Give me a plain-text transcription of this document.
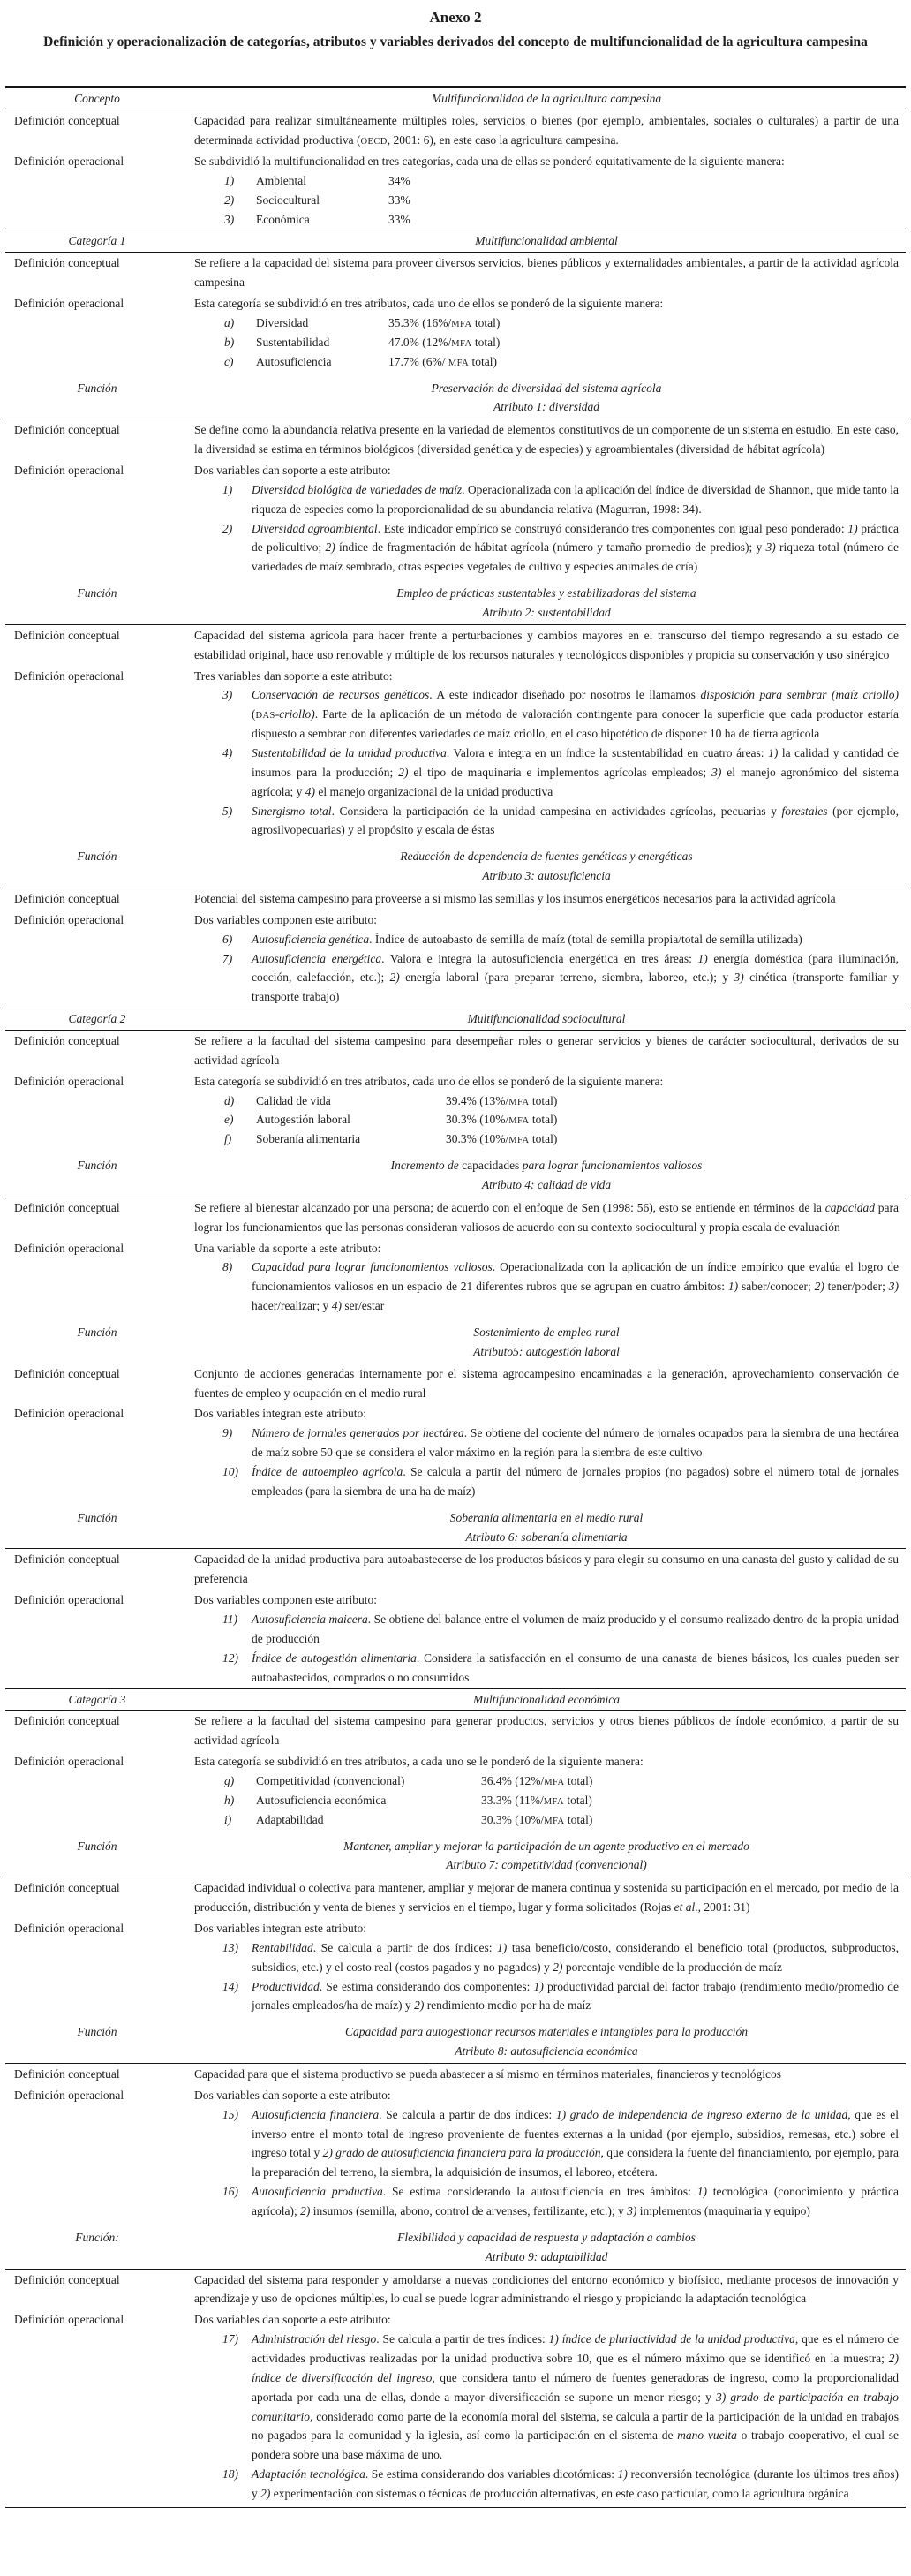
Anexo 2
Definición y operacionalización de categorías, atributos y variables derivados del concepto de multifuncionalidad de la agricultura campesina
Concepto	Multifuncionalidad de la agricultura campesina
Definición conceptual	Capacidad para realizar simultáneamente múltiples roles, servicios o bienes (por ejemplo, ambientales, sociales o culturales) a partir de una determinada actividad productiva (OECD, 2001: 6), en este caso la agricultura campesina.
Definición operacional	Se subdividió la multifuncionalidad en tres categorías, cada una de ellas se ponderó equitativamente de la siguiente manera:
1)	Ambiental	34%
2)	Sociocultural	33%
3)	Económica	33%
Categoría 1	Multifuncionalidad ambiental
Definición conceptual	Se refiere a la capacidad del sistema para proveer diversos servicios, bienes públicos y externalidades ambientales, a partir de la actividad agrícola campesina
Definición operacional	Esta categoría se subdividió en tres atributos, cada uno de ellos se ponderó de la siguiente manera:
a)	Diversidad	35.3% (16%/MFA total)
b)	Sustentabilidad	47.0% (12%/MFA total)
c)	Autosuficiencia	17.7% (6%/ MFA total)
Función	Preservación de diversidad del sistema agrícola
Atributo 1: diversidad
Definición conceptual	Se define como la abundancia relativa presente en la variedad de elementos constitutivos de un componente de un sistema en estudio. En este caso, la diversidad se estima en términos biológicos (diversidad genética y de especies) y agroambientales (diversidad de hábitat agrícola)
Definición operacional	Dos variables dan soporte a este atributo:
1)	Diversidad biológica de variedades de maíz. Operacionalizada con la aplicación del índice de diversidad de Shannon, que mide tanto la riqueza de especies como la proporcionalidad de su abundancia relativa (Magurran, 1998: 34).
2)	Diversidad agroambiental. Este indicador empírico se construyó considerando tres componentes con igual peso ponderado: 1) práctica de policultivo; 2) índice de fragmentación de hábitat agrícola (número y tamaño promedio de predios); y 3) riqueza total (número de variedades de maíz sembrado, otras especies vegetales de cultivo y especies animales de cría)
Función	Empleo de prácticas sustentables y estabilizadoras del sistema
Atributo 2: sustentabilidad
Definición conceptual	Capacidad del sistema agrícola para hacer frente a perturbaciones y cambios mayores en el transcurso del tiempo regresando a su estado de estabilidad original, hace uso renovable y múltiple de los recursos naturales y tecnológicos disponibles y propicia su conservación y uso sinérgico
Definición operacional	Tres variables dan soporte a este atributo:
3)	Conservación de recursos genéticos. A este indicador diseñado por nosotros le llamamos disposición para sembrar (maíz criollo) (DAS-criollo). Parte de la aplicación de un método de valoración contingente para conocer la superficie que cada productor estaría dispuesto a sembrar con diferentes variedades de maíz criollo, en el caso hipotético de disponer 10 ha de tierra agrícola
4)	Sustentabilidad de la unidad productiva. Valora e integra en un índice la sustentabilidad en cuatro áreas: 1) la calidad y cantidad de insumos para la producción; 2) el tipo de maquinaria e implementos agrícolas empleados; 3) el manejo agronómico del sistema agrícola; y 4) el manejo organizacional de la unidad productiva
5)	Sinergismo total. Considera la participación de la unidad campesina en actividades agrícolas, pecuarias y forestales (por ejemplo, agrosilvopecuarias) y el propósito y escala de éstas
Función	Reducción de dependencia de fuentes genéticas y energéticas
Atributo 3: autosuficiencia
Definición conceptual	Potencial del sistema campesino para proveerse a sí mismo las semillas y los insumos energéticos necesarios para la actividad agrícola
Definición operacional	Dos variables componen este atributo:
6)	Autosuficiencia genética. Índice de autoabasto de semilla de maíz (total de semilla propia/total de semilla utilizada)
7)	Autosuficiencia energética. Valora e integra la autosuficiencia energética en tres áreas: 1) energía doméstica (para iluminación, cocción, calefacción, etc.); 2) energía laboral (para preparar terreno, siembra, laboreo, etc.); y 3) cinética (transporte familiar y transporte trabajo)
Categoría 2	Multifuncionalidad sociocultural
Definición conceptual	Se refiere a la facultad del sistema campesino para desempeñar roles o generar servicios y bienes de carácter sociocultural, derivados de su actividad agrícola
Definición operacional	Esta categoría se subdividió en tres atributos, cada uno de ellos se ponderó de la siguiente manera:
d)	Calidad de vida	39.4% (13%/MFA total)
e)	Autogestión laboral	30.3% (10%/MFA total)
f)	Soberanía alimentaria	30.3% (10%/MFA total)
Función	Incremento de capacidades para lograr funcionamientos valiosos
Atributo 4: calidad de vida
Definición conceptual	Se refiere al bienestar alcanzado por una persona; de acuerdo con el enfoque de Sen (1998: 56), esto se entiende en términos de la capacidad para lograr los funcionamientos que las personas consideran valiosos de acuerdo con su contexto sociocultural y propia escala de evaluación
Definición operacional	Una variable da soporte a este atributo:
8)	Capacidad para lograr funcionamientos valiosos. Operacionalizada con la aplicación de un índice empírico que evalúa el logro de funcionamientos valiosos en un espacio de 21 diferentes rubros que se agrupan en cuatro ámbitos: 1) saber/conocer; 2) tener/poder; 3) hacer/realizar; y 4) ser/estar
Función	Sostenimiento de empleo rural
Atributo5: autogestión laboral
Definición conceptual	Conjunto de acciones generadas internamente por el sistema agrocampesino encaminadas a la generación, aprovechamiento conservación de fuentes de empleo y ocupación en el medio rural
Definición operacional	Dos variables integran este atributo:
9)	Número de jornales generados por hectárea. Se obtiene del cociente del número de jornales ocupados para la siembra de una hectárea de maíz sobre 50 que se considera el valor máximo en la región para la siembra de este cultivo
10)	Índice de autoempleo agrícola. Se calcula a partir del número de jornales propios (no pagados) sobre el número total de jornales empleados (para la siembra de una ha de maíz)
Función	Soberanía alimentaria en el medio rural
Atributo 6: soberanía alimentaria
Definición conceptual	Capacidad de la unidad productiva para autoabastecerse de los productos básicos y para elegir su consumo en una canasta del gusto y calidad de su preferencia
Definición operacional	Dos variables componen este atributo:
11)	Autosuficiencia maicera. Se obtiene del balance entre el volumen de maíz producido y el consumo realizado dentro de la propia unidad de producción
12)	Índice de autogestión alimentaria. Considera la satisfacción en el consumo de una canasta de bienes básicos, los cuales pueden ser autoabastecidos, comprados o no consumidos
Categoría 3	Multifuncionalidad económica
Definición conceptual	Se refiere a la facultad del sistema campesino para generar productos, servicios y otros bienes públicos de índole económico, a partir de su actividad agrícola
Definición operacional	Esta categoría se subdividió en tres atributos, a cada uno se le ponderó de la siguiente manera:
g)	Competitividad (convencional)	36.4% (12%/MFA total)
h)	Autosuficiencia económica	33.3% (11%/MFA total)
i)	Adaptabilidad	30.3% (10%/MFA total)
Función	Mantener, ampliar y mejorar la participación de un agente productivo en el mercado
Atributo 7: competitividad (convencional)
Definición conceptual	Capacidad individual o colectiva para mantener, ampliar y mejorar de manera continua y sostenida su participación en el mercado, por medio de la producción, distribución y venta de bienes y servicios en el tiempo, lugar y forma solicitados (Rojas et al., 2001: 31)
Definición operacional	Dos variables integran este atributo:
13)	Rentabilidad. Se calcula a partir de dos índices: 1) tasa beneficio/costo, considerando el beneficio total (productos, subproductos, subsidios, etc.) y el costo real (costos pagados y no pagados) y 2) porcentaje vendible de la producción de maíz
14)	Productividad. Se estima considerando dos componentes: 1) productividad parcial del factor trabajo (rendimiento medio/promedio de jornales empleados/ha de maíz) y 2) rendimiento medio por ha de maíz
Función	Capacidad para autogestionar recursos materiales e intangibles para la producción
Atributo 8: autosuficiencia económica
Definición conceptual	Capacidad para que el sistema productivo se pueda abastecer a sí mismo en términos materiales, financieros y tecnológicos
Definición operacional	Dos variables dan soporte a este atributo:
15)	Autosuficiencia financiera. Se calcula a partir de dos índices: 1) grado de independencia de ingreso externo de la unidad, que es el inverso entre el monto total de ingreso proveniente de fuentes externas a la unidad (por ejemplo, subsidios, remesas, etc.) sobre el ingreso total y 2) grado de autosuficiencia financiera para la producción, que considera la fuente del financiamiento, por ejemplo, para la preparación del terreno, la siembra, la adquisición de insumos, el laboreo, etcétera.
16)	Autosuficiencia productiva. Se estima considerando la autosuficiencia en tres ámbitos: 1) tecnológica (conocimiento y práctica agrícola); 2) insumos (semilla, abono, control de arvenses, fertilizante, etc.); y 3) implementos (maquinaria y equipo)
Función:	Flexibilidad y capacidad de respuesta y adaptación a cambios
Atributo 9: adaptabilidad
Definición conceptual	Capacidad del sistema para responder y amoldarse a nuevas condiciones del entorno económico y biofísico, mediante procesos de innovación y aprendizaje y uso de opciones múltiples, lo cual se puede lograr administrando el riesgo y propiciando la adaptación tecnológica
Definición operacional	Dos variables dan soporte a este atributo:
17)	Administración del riesgo. Se calcula a partir de tres índices: 1) índice de pluriactividad de la unidad productiva, que es el número de actividades productivas realizadas por la unidad productiva sobre 10, que es el número máximo que se identificó en la muestra; 2) índice de diversificación del ingreso, que considera tanto el número de fuentes generadoras de ingreso, como la proporcionalidad aportada por cada una de ellas, donde a mayor diversificación se supone un menor riesgo; y 3) grado de participación en trabajo comunitario, considerado como parte de la economía moral del sistema, se calcula a partir de la participación de la unidad en trabajos no pagados para la comunidad y la iglesia, así como la participación en el sistema de mano vuelta o trabajo cooperativo, el cual se pondera sobre una base máxima de uno.
18)	Adaptación tecnológica. Se estima considerando dos variables dicotómicas: 1) reconversión tecnológica (durante los últimos tres años) y 2) experimentación con sistemas o técnicas de producción alternativas, en este caso particular, como la agricultura orgánica
